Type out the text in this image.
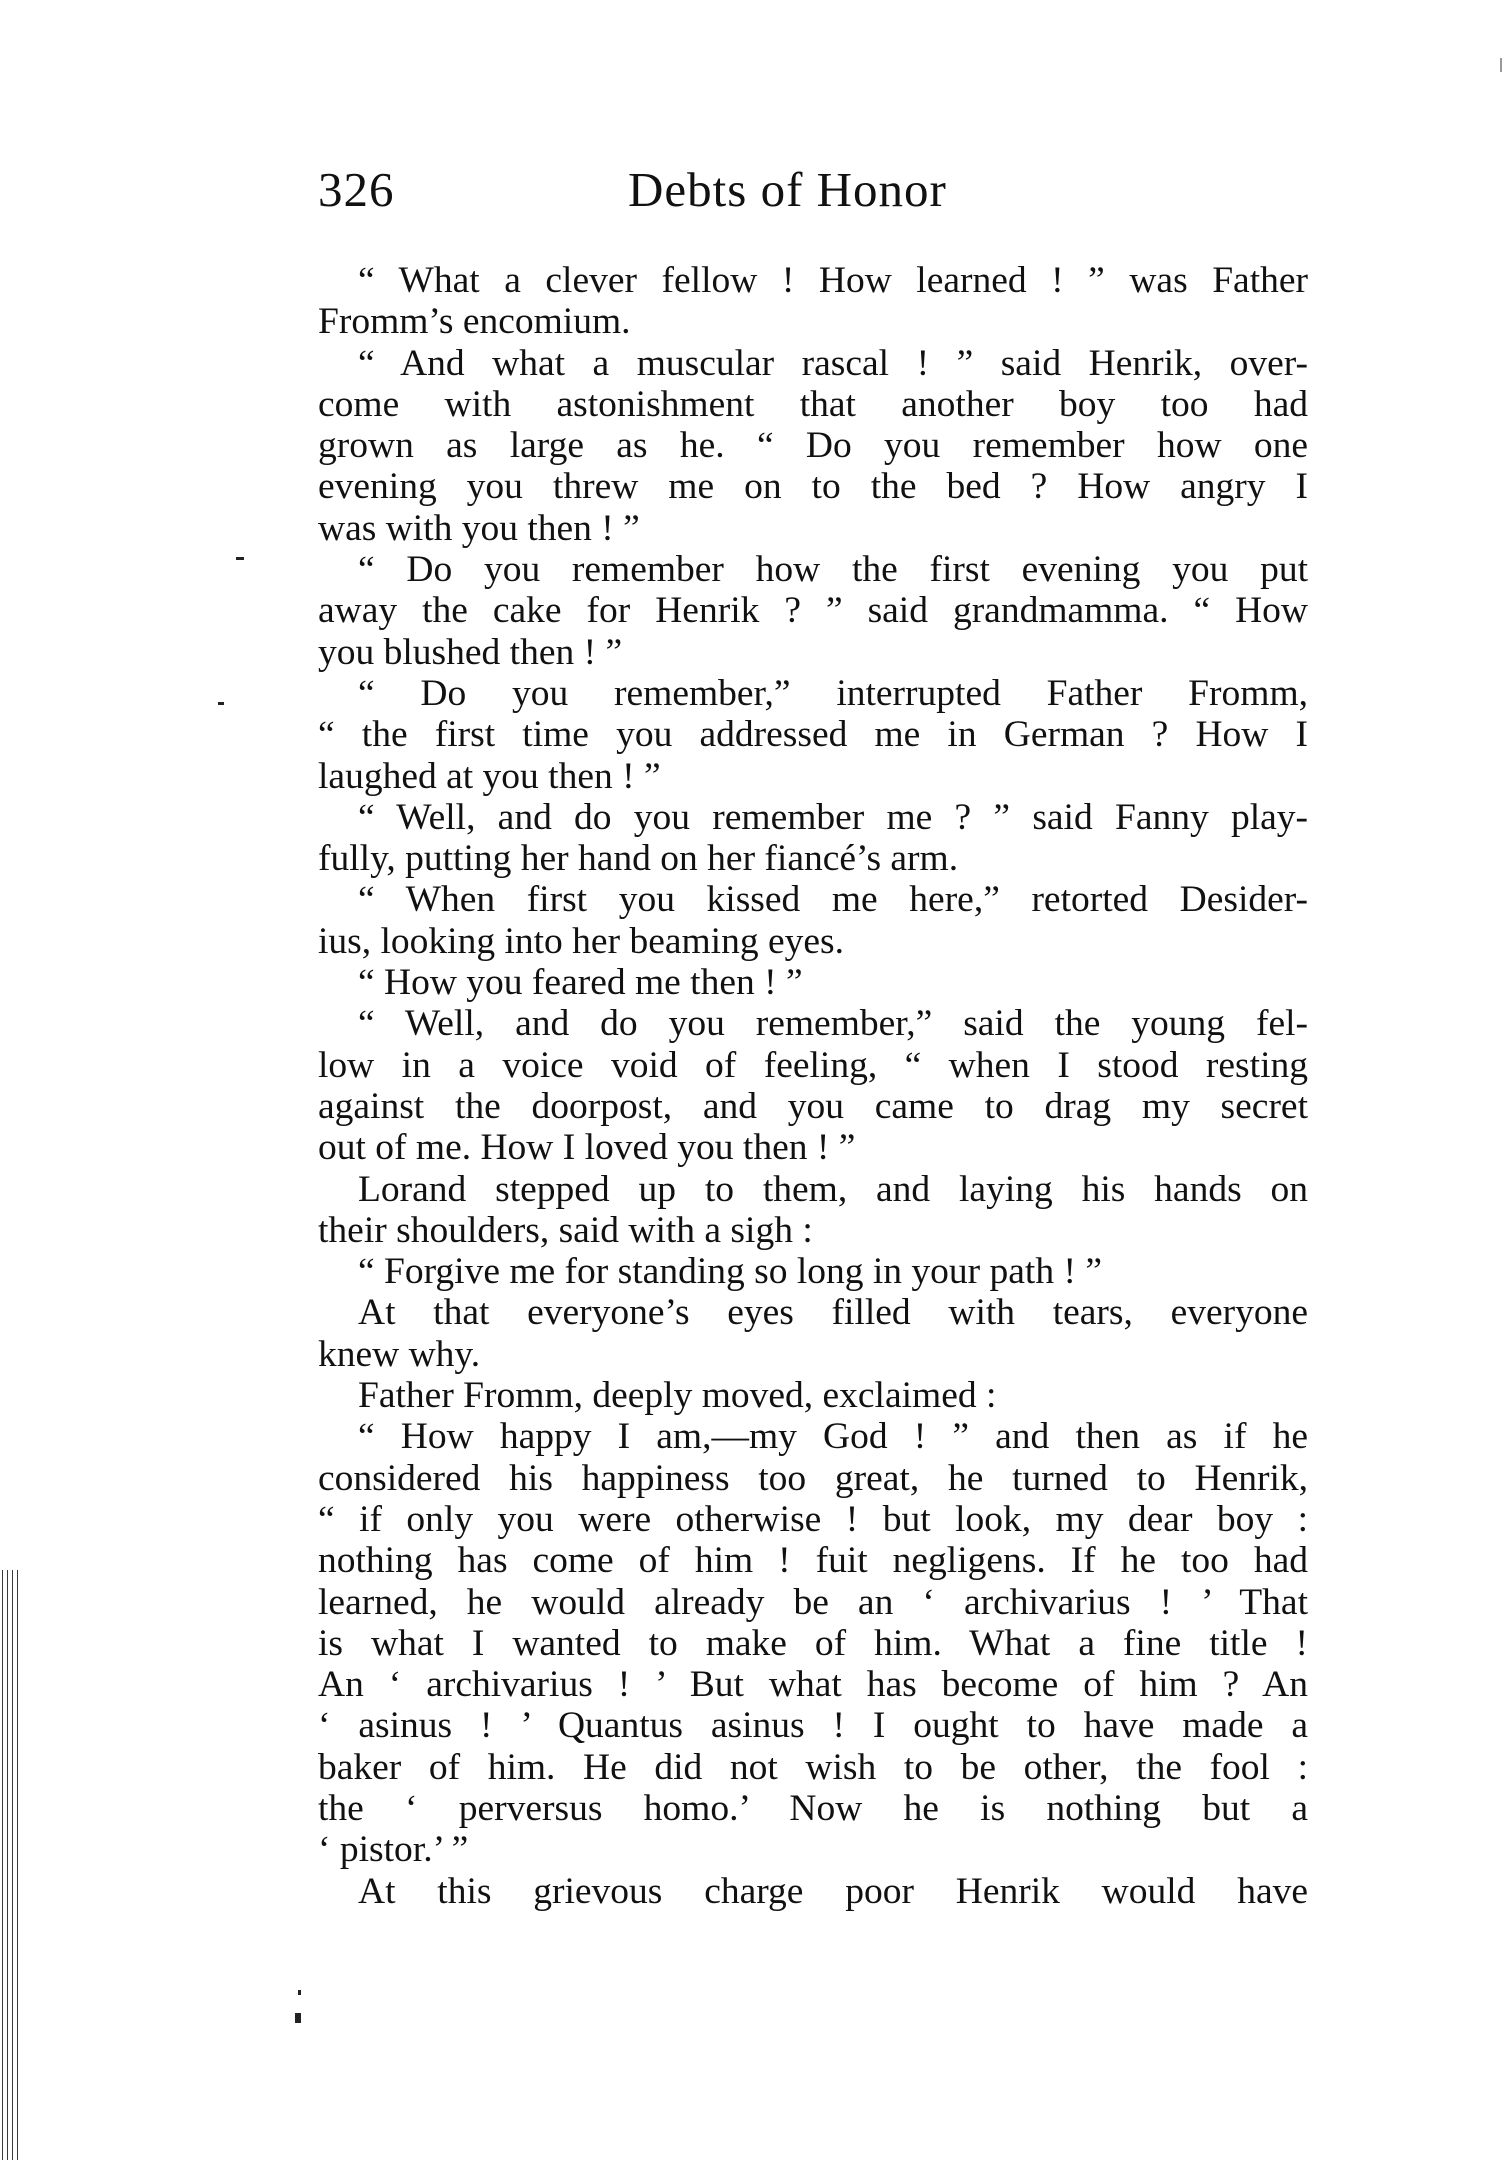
326	Debts of Honor
“ What a clever fellow ! How learned ! ” was Father
Fromm’s encomium.
“ And what a muscular rascal ! ” said Henrik, over-
come with astonishment that another boy too had
grown as large as he. “ Do you remember how one
evening you threw me on to the bed ? How angry I
was with you then ! ”
“ Do you remember how the first evening you put
away the cake for Henrik ? ” said grandmamma. “ How
you blushed then ! ”
“ Do you remember,” interrupted Father Fromm,
“ the first time you addressed me in German ? How I
laughed at you then ! ”
“ Well, and do you remember me ? ” said Fanny play-
fully, putting her hand on her fiancé’s arm.
“ When first you kissed me here,” retorted Desider-
ius, looking into her beaming eyes.
“ How you feared me then ! ”
“ Well, and do you remember,” said the young fel-
low in a voice void of feeling, “ when I stood resting
against the doorpost, and you came to drag my secret
out of me. How I loved you then ! ”
Lorand stepped up to them, and laying his hands on
their shoulders, said with a sigh :
“ Forgive me for standing so long in your path ! ”
At that everyone’s eyes filled with tears, everyone
knew why.
Father Fromm, deeply moved, exclaimed :
“ How happy I am,—my God ! ” and then as if he
considered his happiness too great, he turned to Henrik,
“ if only you were otherwise ! but look, my dear boy :
nothing has come of him ! fuit negligens. If he too had
learned, he would already be an ‘ archivarius ! ’ That
is what I wanted to make of him. What a fine title !
An ‘ archivarius ! ’ But what has become of him ? An
‘ asinus ! ’ Quantus asinus ! I ought to have made a
baker of him. He did not wish to be other, the fool :
the ‘ perversus homo.’ Now he is nothing but a
‘ pistor.’ ”
At this grievous charge poor Henrik would have
